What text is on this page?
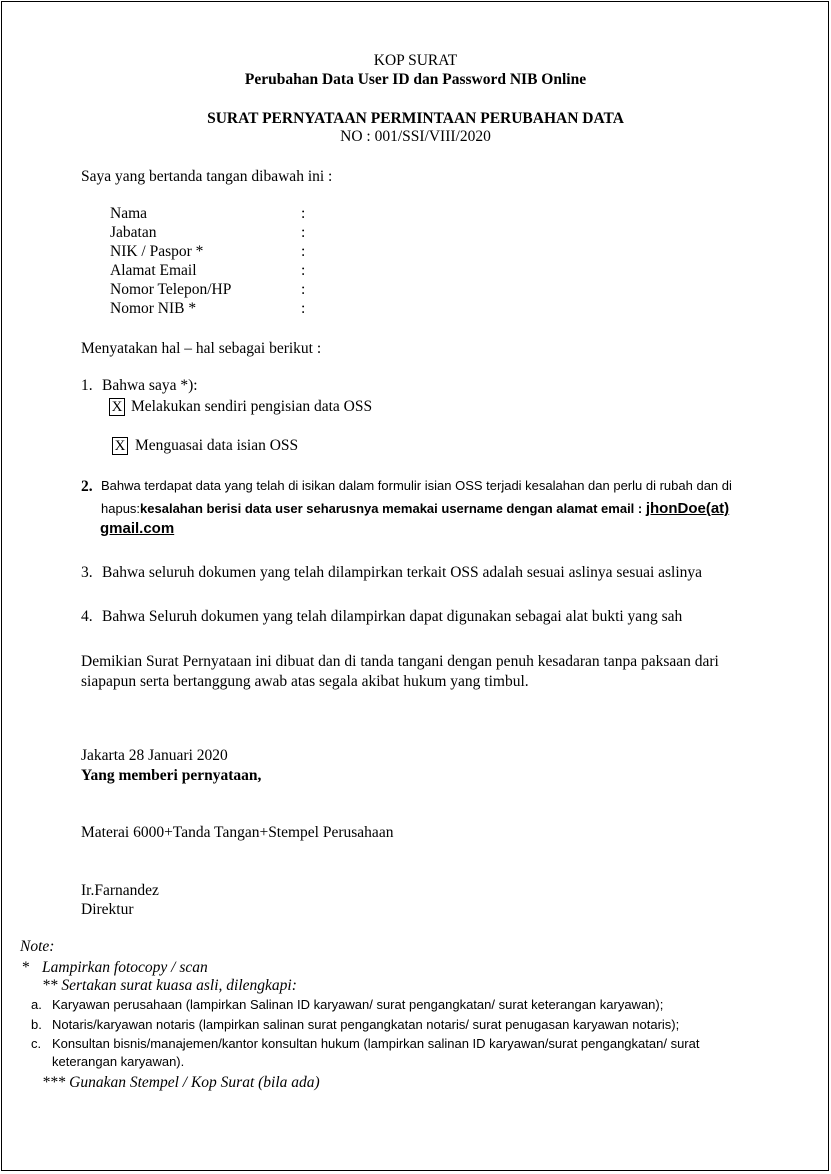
KOP SURAT
Perubahan Data User ID dan Password NIB Online
SURAT PERNYATAAN PERMINTAAN PERUBAHAN DATA
NO : 001/SSI/VIII/2020
Saya yang bertanda tangan dibawah ini :
Nama	:
Jabatan	:
NIK / Paspor *	:
Alamat Email	:
Nomor Telepon/HP	:
Nomor NIB *	:
Menyatakan hal – hal sebagai berikut :
1. Bahwa saya *):
X Melakukan sendiri pengisian data OSS
X Menguasai data isian OSS
2. Bahwa terdapat data yang telah di isikan dalam formulir isian OSS terjadi kesalahan dan perlu di rubah dan di
hapus:kesalahan berisi data user seharusnya memakai username dengan alamat email : jhonDoe(at)
gmail.com
3. Bahwa seluruh dokumen yang telah dilampirkan terkait OSS adalah sesuai aslinya sesuai aslinya
4. Bahwa Seluruh dokumen yang telah dilampirkan dapat digunakan sebagai alat bukti yang sah
Demikian Surat Pernyataan ini dibuat dan di tanda tangani dengan penuh kesadaran tanpa paksaan dari
siapapun serta bertanggung awab atas segala akibat hukum yang timbul.
Jakarta 28 Januari 2020
Yang memberi pernyataan,
Materai 6000+Tanda Tangan+Stempel Perusahaan
Ir.Farnandez
Direktur
Note:
* Lampirkan fotocopy / scan
** Sertakan surat kuasa asli, dilengkapi:
a. Karyawan perusahaan (lampirkan Salinan ID karyawan/ surat pengangkatan/ surat keterangan karyawan);
b. Notaris/karyawan notaris (lampirkan salinan surat pengangkatan notaris/ surat penugasan karyawan notaris);
c. Konsultan bisnis/manajemen/kantor konsultan hukum (lampirkan salinan ID karyawan/surat pengangkatan/ surat
keterangan karyawan).
*** Gunakan Stempel / Kop Surat (bila ada)
